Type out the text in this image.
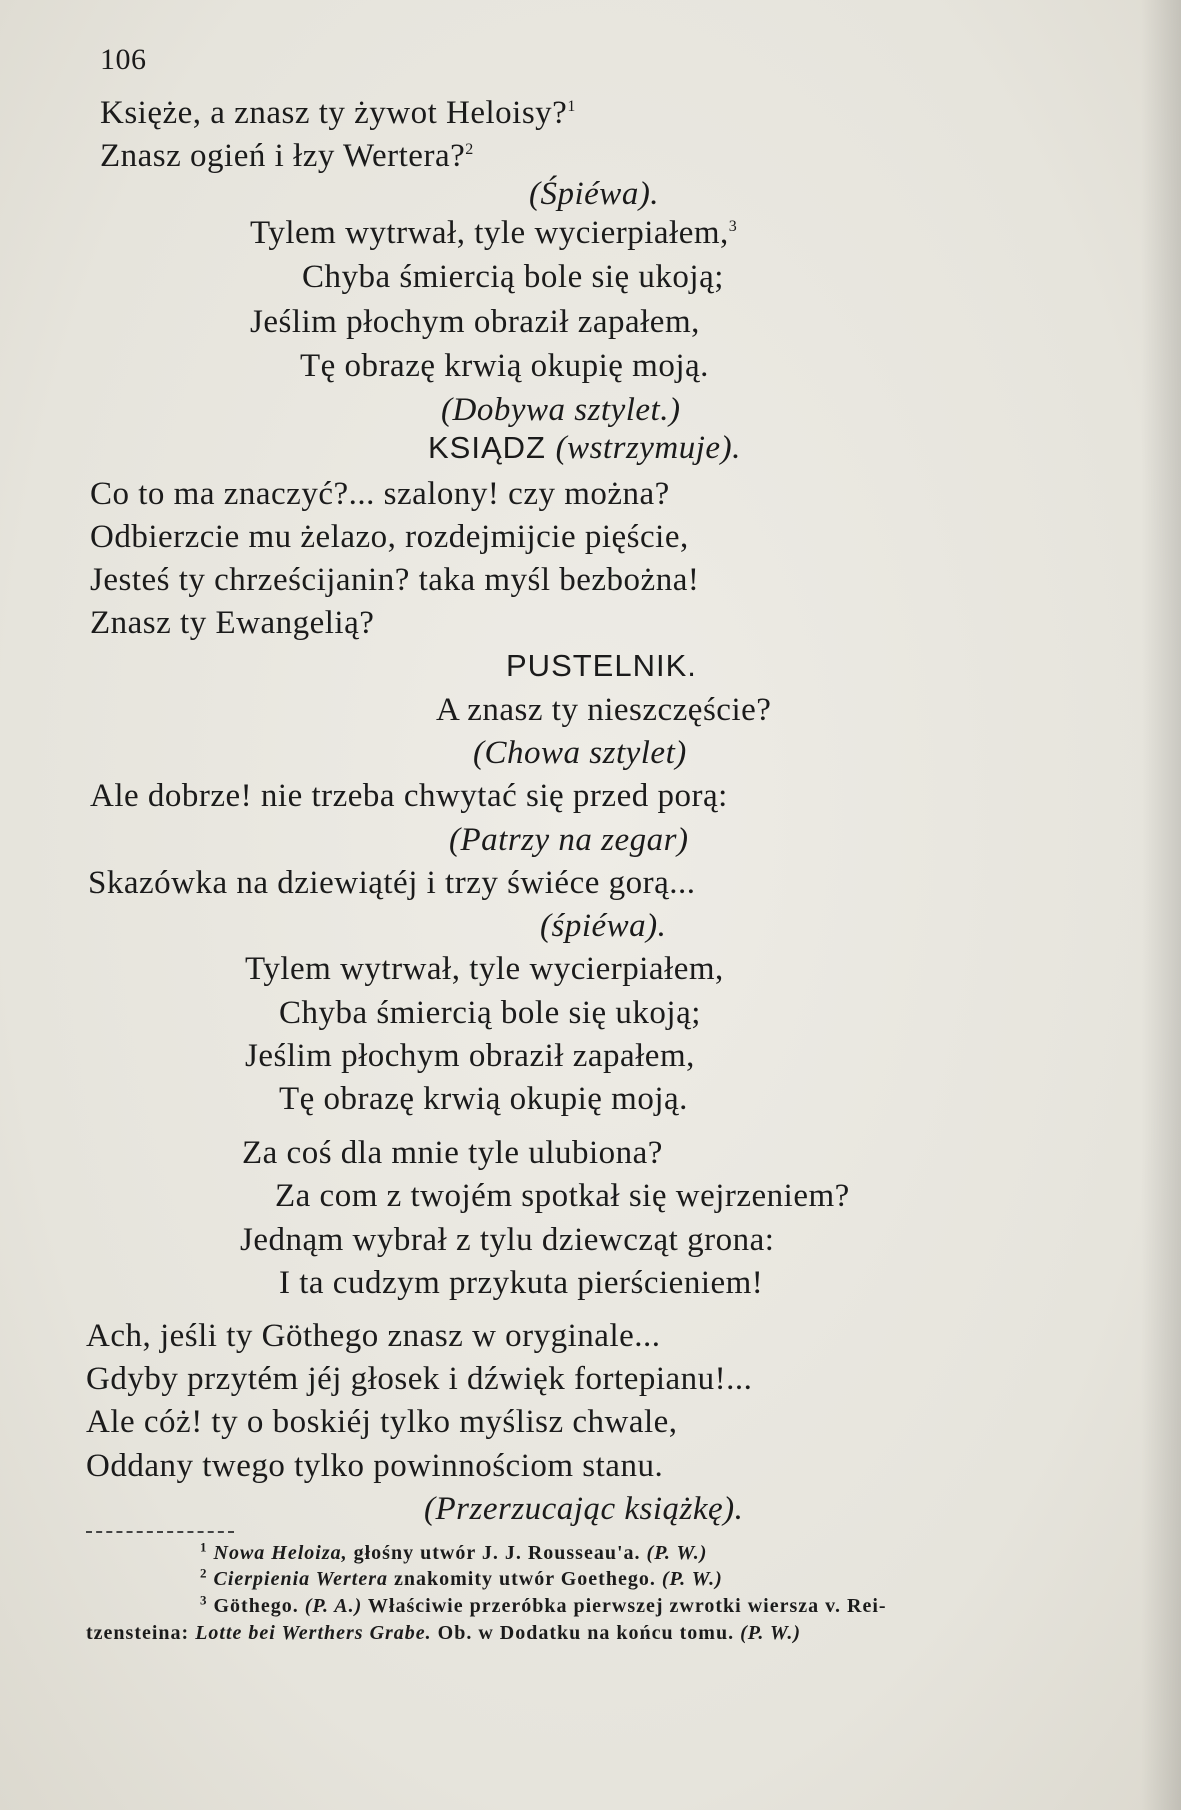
106
Księże, a znasz ty żywot Heloisy?$^1$
Znasz ogień i łzy Wertera?$^2$
(Śpiéwa).
Tylem wytrwał, tyle wycierpiałem,$^3$
Chyba śmiercią bole się ukoją;
Jeślim płochym obraził zapałem,
Tę obrazę krwią okupię moją.
(Dobywa sztylet.)
KSIĄDZ (wstrzymuje).
Co to ma znaczyć?... szalony! czy można?
Odbierzcie mu żelazo, rozdejmijcie pięście,
Jesteś ty chrześcijanin? taka myśl bezbożna!
Znasz ty Ewangelią?
PUSTELNIK.
A znasz ty nieszczęście?
(Chowa sztylet)
Ale dobrze! nie trzeba chwytać się przed porą:
(Patrzy na zegar)
Skazówka na dziewiątéj i trzy świéce gorą...
(śpiéwa).
Tylem wytrwał, tyle wycierpiałem,
Chyba śmiercią bole się ukoją;
Jeślim płochym obraził zapałem,
Tę obrazę krwią okupię moją.
Za coś dla mnie tyle ulubiona?
Za com z twojém spotkał się wejrzeniem?
Jednąm wybrał z tylu dziewcząt grona:
I ta cudzym przykuta pierścieniem!
Ach, jeśli ty Göthego znasz w oryginale...
Gdyby przytém jéj głosek i dźwięk fortepianu!...
Ale cóż! ty o boskiéj tylko myślisz chwale,
Oddany twego tylko powinnościom stanu.
(Przerzucając książkę).
$^1$ Nowa Heloiza, głośny utwór J. J. Rousseau'a. (P. W.)
$^2$ Cierpienia Wertera znakomity utwór Goethego. (P. W.)
$^3$ Göthego. (P. A.) Właściwie przeróbka pierwszej zwrotki wiersza v. Rei-
tzensteina: Lotte bei Werthers Grabe. Ob. w Dodatku na końcu tomu. (P. W.)
